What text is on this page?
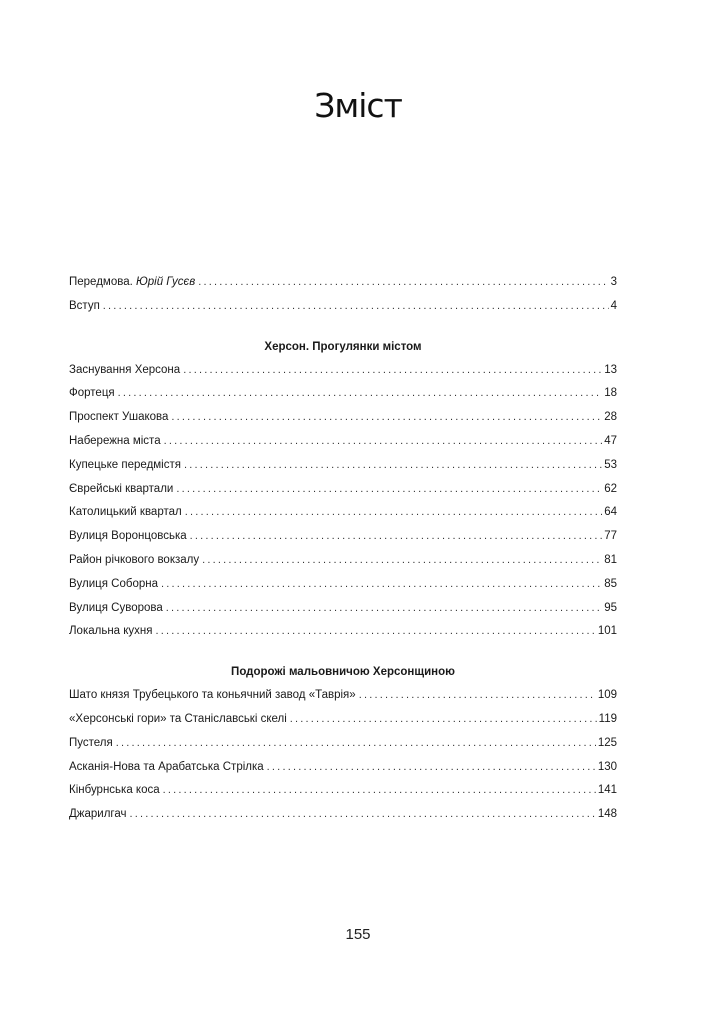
Зміст
Передмова. Юрій Гусєв .....	3
Вступ .....	4
Херсон. Прогулянки містом
Заснування Херсона .....	13
Фортеця .....	18
Проспект Ушакова .....	28
Набережна міста .....	47
Купецьке передмістя .....	53
Єврейські квартали .....	62
Католицький квартал .....	64
Вулиця Воронцовська .....	77
Район річкового вокзалу .....	81
Вулиця Соборна .....	85
Вулиця Суворова .....	95
Локальна кухня .....	101
Подорожі мальовничою Херсонщиною
Шато князя Трубецького та коньячний завод «Таврія» .....	109
«Херсонські гори» та Станіславські скелі .....	119
Пустеля .....	125
Асканія-Нова та Арабатська Стрілка .....	130
Кінбурнська коса .....	141
Джарилгач .....	148
155
